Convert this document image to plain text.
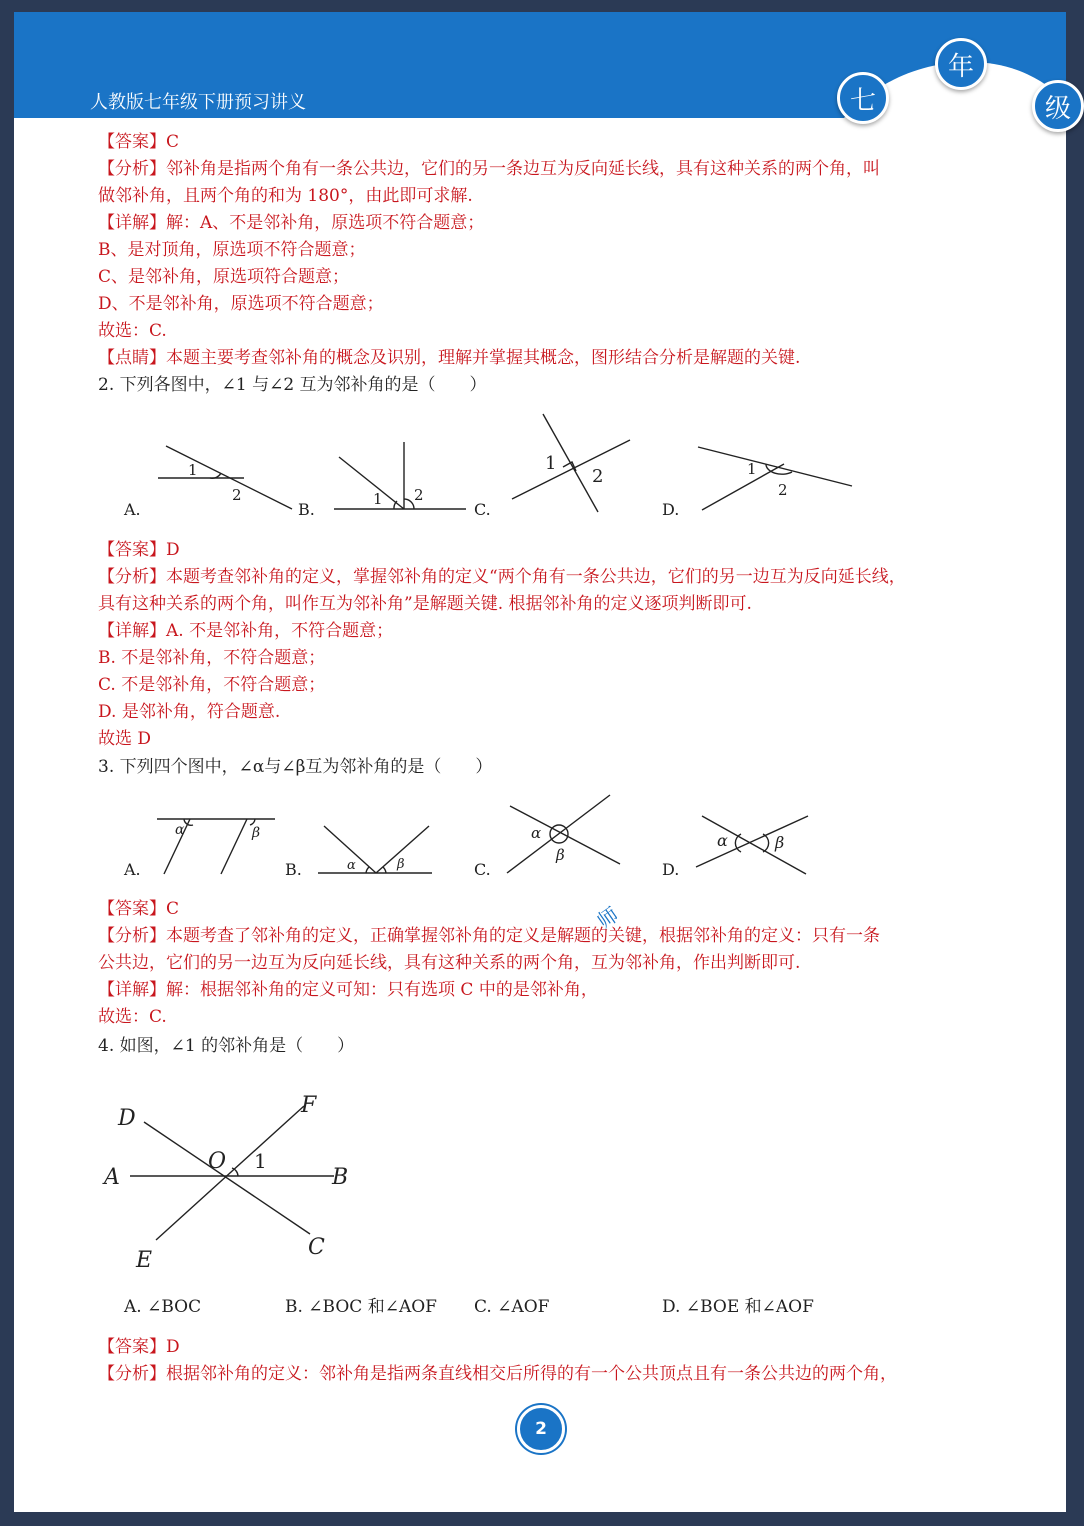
人教版七年级下册预习讲义	七
年
级
【答案】C
【分析】邻补角是指两个角有一条公共边，它们的另一条边互为反向延长线，具有这种关系的两个角，叫
做邻补角，且两个角的和为 180°，由此即可求解.
【详解】解：A、不是邻补角，原选项不符合题意；
B、是对顶角，原选项不符合题意；
C、是邻补角，原选项符合题意；
D、不是邻补角，原选项不符合题意；
故选：C.
【点睛】本题主要考查邻补角的概念及识别，理解并掌握其概念，图形结合分析是解题的关键.
2. 下列各图中，∠1 与∠2 互为邻补角的是（　　）
【答案】D
【分析】本题考查邻补角的定义，掌握邻补角的定义“两个角有一条公共边，它们的另一边互为反向延长线，
具有这种关系的两个角，叫作互为邻补角”是解题关键. 根据邻补角的定义逐项判断即可.
【详解】A. 不是邻补角，不符合题意；
B. 不是邻补角，不符合题意；
C. 不是邻补角，不符合题意；
D. 是邻补角，符合题意.
故选 D
3. 下列四个图中，∠α与∠β互为邻补角的是（　　）
【答案】C
【分析】本题考查了邻补角的定义，正确掌握邻补角的定义是解题的关键，根据邻补角的定义：只有一条
公共边，它们的另一边互为反向延长线，具有这种关系的两个角，互为邻补角，作出判断即可.
【详解】解：根据邻补角的定义可知：只有选项 C 中的是邻补角，
故选：C.
4. 如图，∠1 的邻补角是（　　）
【答案】D
【分析】根据邻补角的定义：邻补角是指两条直线相交后所得的有一个公共顶点且有一条公共边的两个角，
1
2	1 2
1
2	1
2
A.	B.	C.	D.
α	β
α	β
α
β
α	β
A.	B.	C.	D.
D
F
A
O 1
B
E
C
A. ∠BOC	B. ∠BOC 和∠AOF C. ∠AOF	D. ∠BOE 和∠AOF
师
2
